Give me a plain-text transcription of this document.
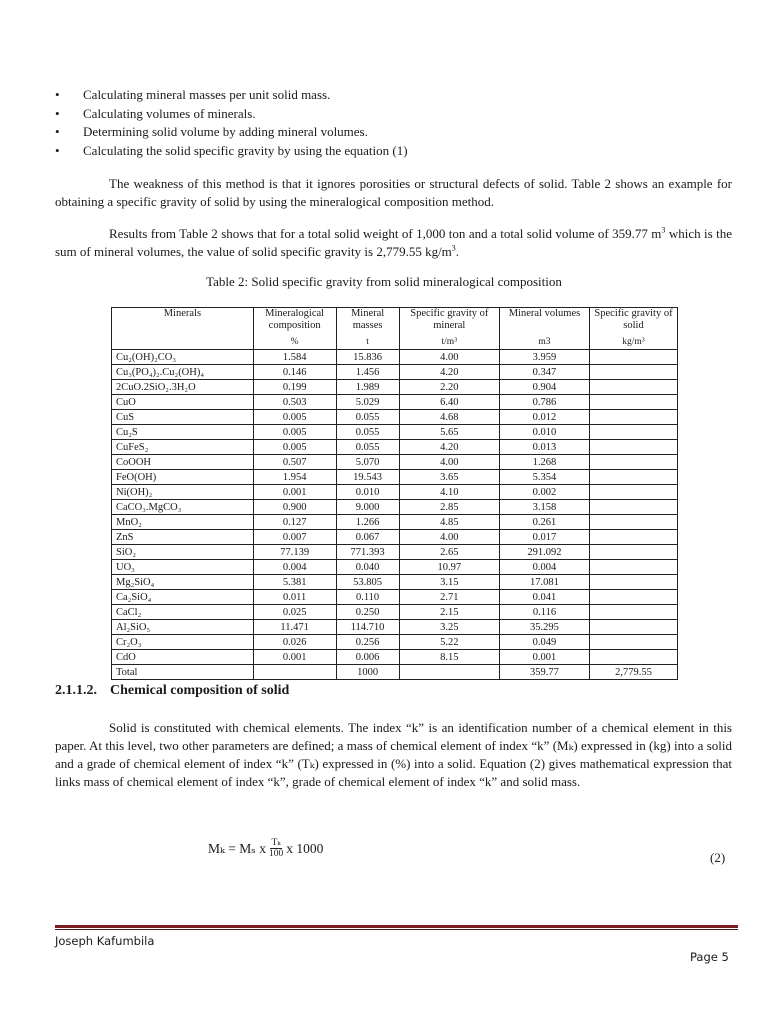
• Calculating mineral masses per unit solid mass.
• Calculating volumes of minerals.
• Determining solid volume by adding mineral volumes.
• Calculating the solid specific gravity by using the equation (1)

The weakness of this method is that it ignores porosities or structural defects of solid. Table 2 shows an example for obtaining a specific gravity of solid by using the mineralogical composition method.

Results from Table 2 shows that for a total solid weight of 1,000 ton and a total solid volume of 359.77 $m^3$ which is the sum of mineral volumes, the value of solid specific gravity is 2,779.55 $kg/m^3$.

Table 2: Solid specific gravity from solid mineralogical composition

Minerals	Mineralogical composition	Mineral masses	Specific gravity of mineral	Mineral volumes	Specific gravity of solid
	%	t	t/m³	m3	kg/m³
Cu₂(OH)₂CO₃	1.584	15.836	4.00	3.959	
Cu₃(PO₄)₂.Cu₂(OH)₄	0.146	1.456	4.20	0.347	
2CuO.2SiO₂.3H₂O	0.199	1.989	2.20	0.904	
CuO	0.503	5.029	6.40	0.786	
CuS	0.005	0.055	4.68	0.012	
Cu₂S	0.005	0.055	5.65	0.010	
CuFeS₂	0.005	0.055	4.20	0.013	
CoOOH	0.507	5.070	4.00	1.268	
FeO(OH)	1.954	19.543	3.65	5.354	
Ni(OH)₂	0.001	0.010	4.10	0.002	
CaCO₃.MgCO₃	0.900	9.000	2.85	3.158	
MnO₂	0.127	1.266	4.85	0.261	
ZnS	0.007	0.067	4.00	0.017	
SiO₂	77.139	771.393	2.65	291.092	
UO₃	0.004	0.040	10.97	0.004	
Mg₂SiO₄	5.381	53.805	3.15	17.081	
Ca₂SiO₄	0.011	0.110	2.71	0.041	
CaCl₂	0.025	0.250	2.15	0.116	
Al₂SiO₅	11.471	114.710	3.25	35.295	
Cr₂O₃	0.026	0.256	5.22	0.049	
CdO	0.001	0.006	8.15	0.001	
Total		1000		359.77	2,779.55

2.1.1.2. Chemical composition of solid

Solid is constituted with chemical elements. The index “k” is an identification number of a chemical element in this paper. At this level, two other parameters are defined; a mass of chemical element of index “k” (Mₖ) expressed in (kg) into a solid and a grade of chemical element of index “k” (Tₖ) expressed in (%) into a solid. Equation (2) gives mathematical expression that links mass of chemical element of index “k”, grade of chemical element of index “k” and solid mass.

Mₖ = Mₛ x $\frac{\text{Tₖ}}{100}$ x 1000
(2)

Joseph Kafumbila

Page 5
